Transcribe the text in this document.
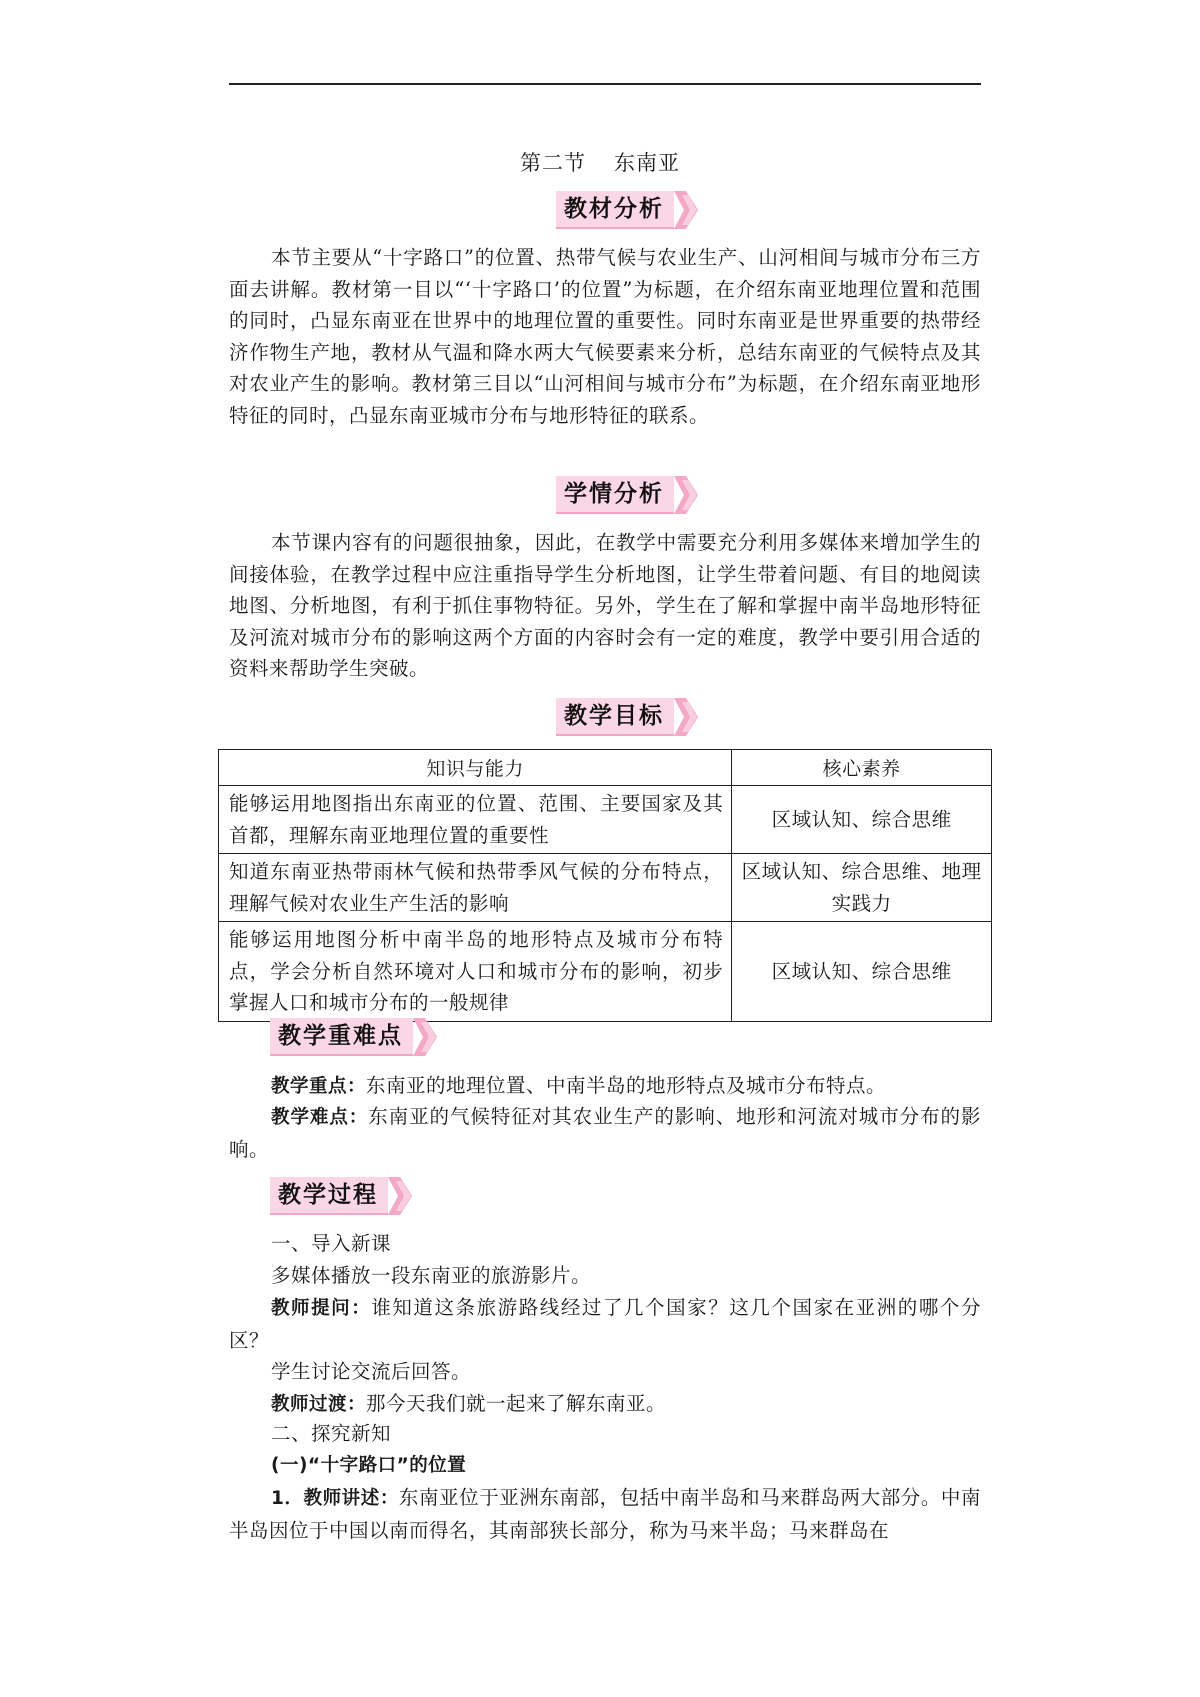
第二节 东南亚
教材分析
本节主要从“十字路口”的位置、热带气候与农业生产、山河相间与城市分布三方面去讲解。教材第一目以“‘十字路口’的位置”为标题，在介绍东南亚地理位置和范围的同时，凸显东南亚在世界中的地理位置的重要性。同时东南亚是世界重要的热带经济作物生产地，教材从气温和降水两大气候要素来分析，总结东南亚的气候特点及其对农业产生的影响。教材第三目以“山河相间与城市分布”为标题，在介绍东南亚地形特征的同时，凸显东南亚城市分布与地形特征的联系。
学情分析
本节课内容有的问题很抽象，因此，在教学中需要充分利用多媒体来增加学生的间接体验，在教学过程中应注重指导学生分析地图，让学生带着问题、有目的地阅读地图、分析地图，有利于抓住事物特征。另外，学生在了解和掌握中南半岛地形特征及河流对城市分布的影响这两个方面的内容时会有一定的难度，教学中要引用合适的资料来帮助学生突破。
教学目标
知识与能力	核心素养
能够运用地图指出东南亚的位置、范围、主要国家及其首都，理解东南亚地理位置的重要性	区域认知、综合思维
知道东南亚热带雨林气候和热带季风气候的分布特点，理解气候对农业生产生活的影响	区域认知、综合思维、地理实践力
能够运用地图分析中南半岛的地形特点及城市分布特点，学会分析自然环境对人口和城市分布的影响，初步掌握人口和城市分布的一般规律	区域认知、综合思维
教学重难点
教学重点：东南亚的地理位置、中南半岛的地形特点及城市分布特点。
教学难点：东南亚的气候特征对其农业生产的影响、地形和河流对城市分布的影响。
教学过程
一、导入新课
多媒体播放一段东南亚的旅游影片。
教师提问：谁知道这条旅游路线经过了几个国家？这几个国家在亚洲的哪个分区？
学生讨论交流后回答。
教师过渡：那今天我们就一起来了解东南亚。
二、探究新知
(一)“十字路口”的位置
1．教师讲述：东南亚位于亚洲东南部，包括中南半岛和马来群岛两大部分。中南半岛因位于中国以南而得名，其南部狭长部分，称为马来半岛；马来群岛在
